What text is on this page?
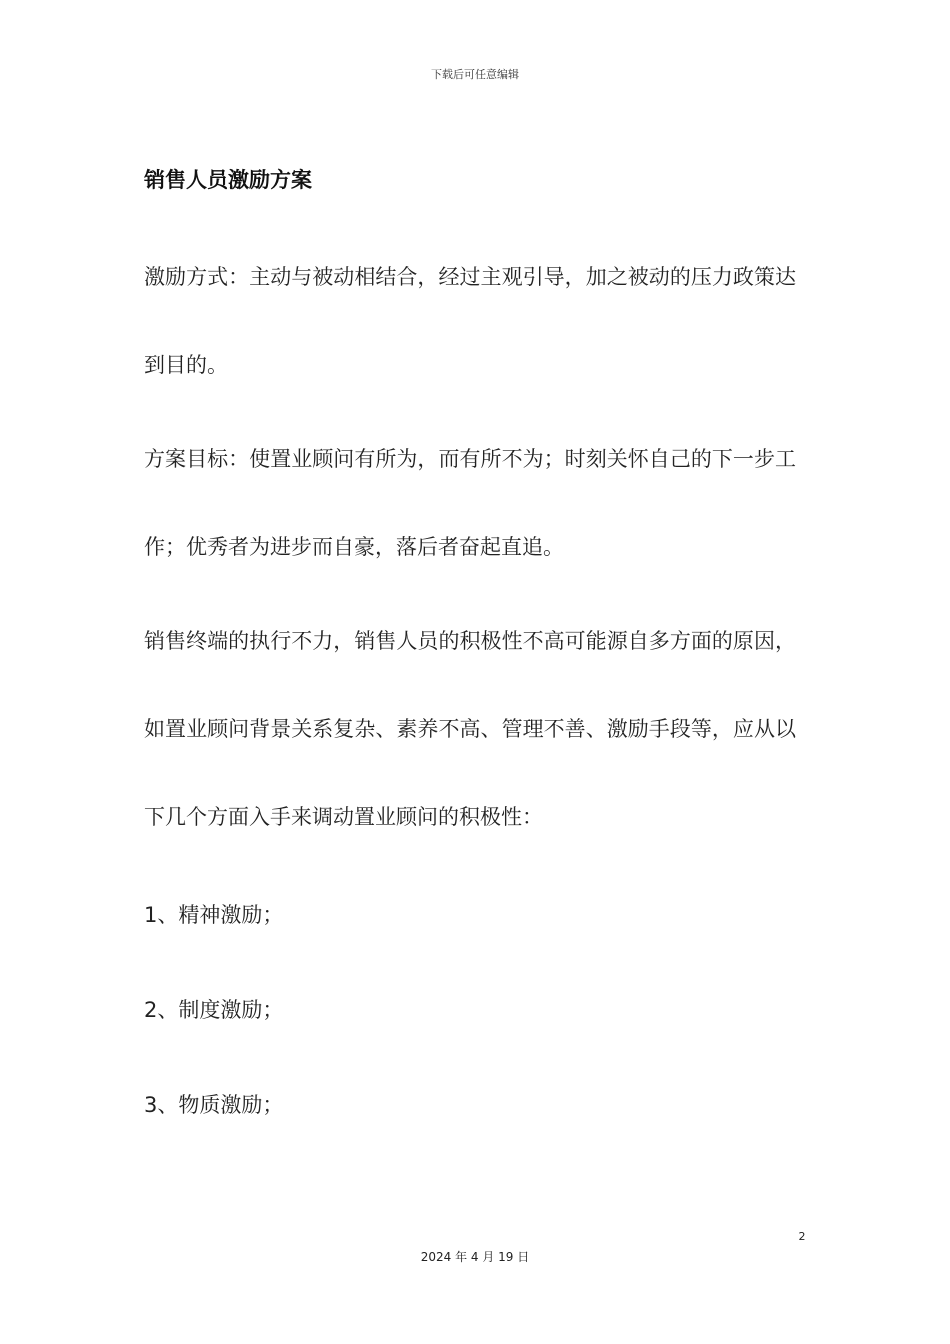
下载后可任意编辑
销售人员激励方案
激励方式：主动与被动相结合，经过主观引导，加之被动的压力政策达到目的。
方案目标：使置业顾问有所为，而有所不为；时刻关怀自己的下一步工作；优秀者为进步而自豪，落后者奋起直追。
销售终端的执行不力，销售人员的积极性不高可能源自多方面的原因，如置业顾问背景关系复杂、素养不高、管理不善、激励手段等，应从以下几个方面入手来调动置业顾问的积极性：
1、精神激励；
2、制度激励；
3、物质激励；
2
2024 年 4 月 19 日
